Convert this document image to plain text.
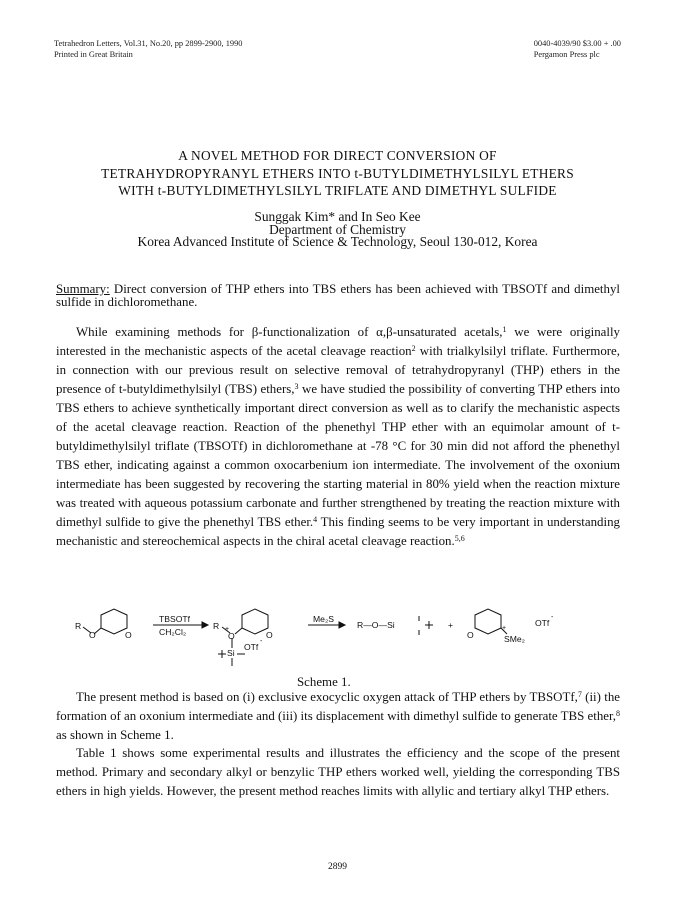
Tetrahedron Letters, Vol.31, No.20, pp 2899-2900, 1990
Printed in Great Britain
0040-4039/90 $3.00 + .00
Pergamon Press plc
A NOVEL METHOD FOR DIRECT CONVERSION OF
TETRAHYDROPYRANYL ETHERS INTO t-BUTYLDIMETHYLSILYL ETHERS
WITH t-BUTYLDIMETHYLSILYL TRIFLATE AND DIMETHYL SULFIDE
Sunggak Kim* and In Seo Kee
Department of Chemistry
Korea Advanced Institute of Science & Technology, Seoul 130-012, Korea

Summary: Direct conversion of THP ethers into TBS ethers has been achieved with TBSOTf and dimethyl sulfide in dichloromethane.

While examining methods for β-functionalization of α,β-unsaturated acetals,$^1$ we were originally interested in the mechanistic aspects of the acetal cleavage reaction$^2$ with trialkylsilyl triflate. Furthermore, in connection with our previous result on selective removal of tetrahydropyranyl (THP) ethers in the presence of t-butyldimethylsilyl (TBS) ethers,$^3$ we have studied the possibility of converting THP ethers into TBS ethers to achieve synthetically important direct conversion as well as to clarify the mechanistic aspects of the acetal cleavage reaction. Reaction of the phenethyl THP ether with an equimolar amount of t-butyldimethylsilyl triflate (TBSOTf) in dichloromethane at -78 °C for 30 min did not afford the phenethyl TBS ether, indicating against a common oxocarbenium ion intermediate. The involvement of the oxonium intermediate has been suggested by recovering the starting material in 80% yield when the reaction mixture was treated with aqueous potassium carbonate and further strengthened by treating the reaction mixture with dimethyl sulfide to give the phenethyl TBS ether.$^4$ This finding seems to be very important in understanding mechanistic and stereochemical aspects in the chiral acetal cleavage reaction.$^{5,6}$

R
O	O
TBSOTf
CH₂Cl₂
R +
O	O
Si
OTf
-
Me₂S
R—O—Si	+
O
+
SMe₂
OTf
-
Scheme 1.

The present method is based on (i) exclusive exocyclic oxygen attack of THP ethers by TBSOTf,$^7$ (ii) the formation of an oxonium intermediate and (iii) its displacement with dimethyl sulfide to generate TBS ether,$^8$ as shown in Scheme 1.

Table 1 shows some experimental results and illustrates the efficiency and the scope of the present method. Primary and secondary alkyl or benzylic THP ethers worked well, yielding the corresponding TBS ethers in high yields. However, the present method reaches limits with allylic and tertiary alkyl THP ethers.

2899
